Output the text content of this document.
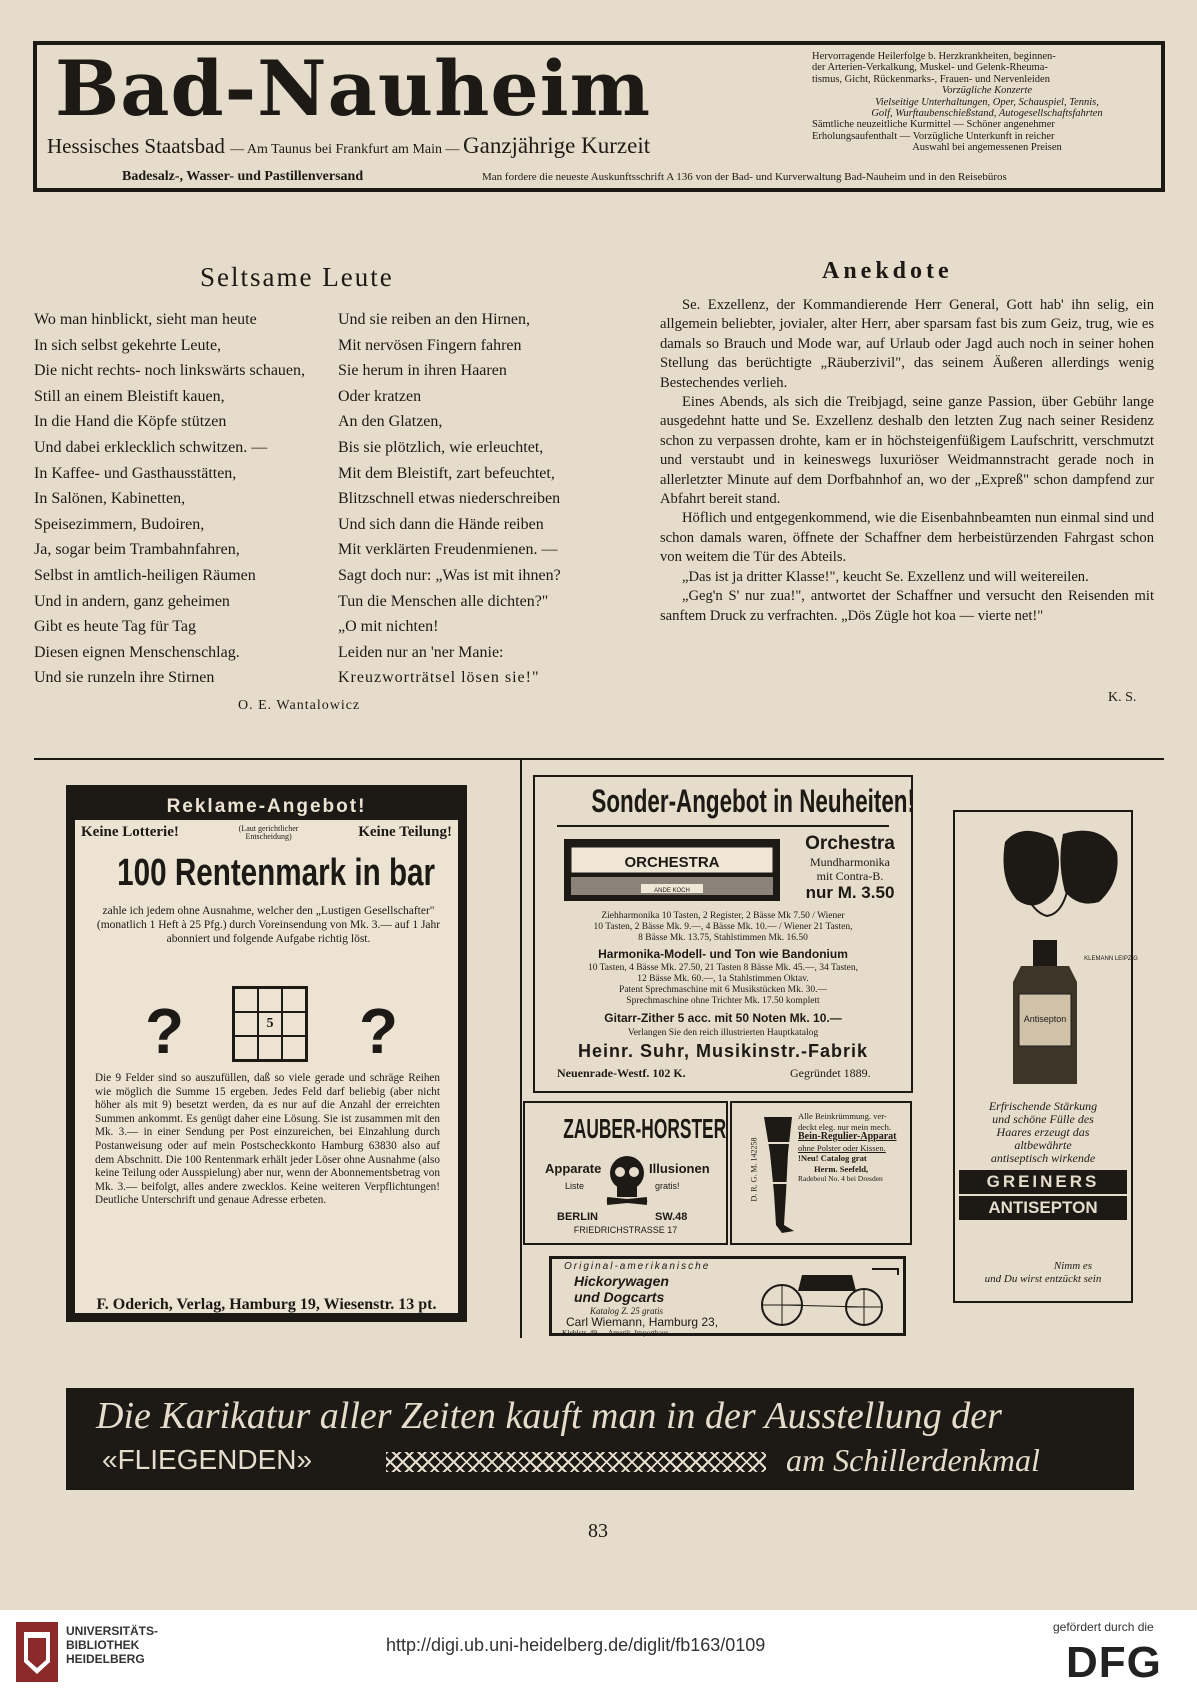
Bad-Nauheim
Hessisches Staatsbad — Am Taunus bei Frankfurt am Main — Ganzjährige Kurzeit
Badesalz-, Wasser- und Pastillenversand	Man fordere die neueste Auskunftsschrift A 136 von der Bad- und Kurverwaltung Bad-Nauheim und in den Reisebüros
Hervorragende Heilerfolge b. Herzkrankheiten, beginnen-
der Arterien-Verkalkung, Muskel- und Gelenk-Rheuma-
tismus, Gicht, Rückenmarks-, Frauen- und Nervenleiden
Vorzügliche Konzerte
Vielseitige Unterhaltungen, Oper, Schauspiel, Tennis,
Golf, Wurftaubenschießstand, Autogesellschaftsfahrten
Sämtliche neuzeitliche Kurmittel — Schöner angenehmer
Erholungsaufenthalt — Vorzügliche Unterkunft in reicher
Auswahl bei angemessenen Preisen
Seltsame Leute
Wo man hinblickt, sieht man heute
In sich selbst gekehrte Leute,
Die nicht rechts- noch linkswärts schauen,
Still an einem Bleistift kauen,
In die Hand die Köpfe stützen
Und dabei erklecklich schwitzen. —
In Kaffee- und Gasthausstätten,
In Salönen, Kabinetten,
Speisezimmern, Budoiren,
Ja, sogar beim Trambahnfahren,
Selbst in amtlich-heiligen Räumen
Und in andern, ganz geheimen
Gibt es heute Tag für Tag
Diesen eignen Menschenschlag.
Und sie runzeln ihre Stirnen
Und sie reiben an den Hirnen,
Mit nervösen Fingern fahren
Sie herum in ihren Haaren
Oder kratzen
An den Glatzen,
Bis sie plötzlich, wie erleuchtet,
Mit dem Bleistift, zart befeuchtet,
Blitzschnell etwas niederschreiben
Und sich dann die Hände reiben
Mit verklärten Freudenmienen. —
Sagt doch nur: „Was ist mit ihnen?
Tun die Menschen alle dichten?"
„O mit nichten!
Leiden nur an 'ner Manie:
Kreuzworträtsel lösen sie!"
O. E. Wantalowicz
Anekdote

Se. Exzellenz, der Kommandierende Herr General, Gott hab' ihn selig, ein allgemein beliebter, jovialer, alter Herr, aber sparsam fast bis zum Geiz, trug, wie es damals so Brauch und Mode war, auf Urlaub oder Jagd auch noch in seiner hohen Stellung das berüchtigte „Räuberzivil", das seinem Äußeren allerdings wenig Bestechendes verlieh.

Eines Abends, als sich die Treibjagd, seine ganze Passion, über Gebühr lange ausgedehnt hatte und Se. Exzellenz deshalb den letzten Zug nach seiner Residenz schon zu verpassen drohte, kam er in höchsteigenfüßigem Laufschritt, verschmutzt und verstaubt und in keineswegs luxuriöser Weidmannstracht gerade noch in allerletzter Minute auf dem Dorfbahnhof an, wo der „Expreß" schon dampfend zur Abfahrt bereit stand.

Höflich und entgegenkommend, wie die Eisenbahnbeamten nun einmal sind und schon damals waren, öffnete der Schaffner dem herbeistürzenden Fahrgast schon von weitem die Tür des Abteils.

„Das ist ja dritter Klasse!", keucht Se. Exzellenz und will weitereilen.

„Geg'n S' nur zua!", antwortet der Schaffner und versucht den Reisenden mit sanftem Druck zu verfrachten. „Dös Zügle hot koa — vierte net!"

K. S.
Reklame-Angebot!
Keine Lotterie!	(Laut gerichtlicher Entscheidung)	Keine Teilung!
100 Rentenmark in bar
zahle ich jedem ohne Ausnahme, welcher den „Lustigen Gesellschafter" (monatlich 1 Heft à 25 Pfg.) durch Voreinsendung von Mk. 3.— auf 1 Jahr abonniert und folgende Aufgabe richtig löst.
?	?
5
Die 9 Felder sind so auszufüllen, daß so viele gerade und schräge Reihen wie möglich die Summe 15 ergeben. Jedes Feld darf beliebig (aber nicht höher als mit 9) besetzt werden, da es nur auf die Anzahl der erreichten Summen ankommt. Es genügt daher eine Lösung. Sie ist zusammen mit den Mk. 3.— in einer Sendung per Post einzureichen, bei Einzahlung durch Postanweisung oder auf mein Postscheckkonto Hamburg 63830 also auf dem Abschnitt. Die 100 Rentenmark erhält jeder Löser ohne Ausnahme (also keine Teilung oder Ausspielung) aber nur, wenn der Abonnementsbetrag von Mk. 3.— beifolgt, alles andere zwecklos. Keine weiteren Verpflichtungen! Deutliche Unterschrift und genaue Adresse erbeten.
F. Oderich, Verlag, Hamburg 19, Wiesenstr. 13 pt.
Sonder-Angebot in Neuheiten!
ORCHESTRA
ANDE KOCH
Orchestra
Mundharmonika
mit Contra-B.
nur M. 3.50
Ziehharmonika 10 Tasten, 2 Register, 2 Bässe Mk 7.50 / Wiener
10 Tasten, 2 Bässe Mk. 9.—, 4 Bässe Mk. 10.— / Wiener 21 Tasten,
8 Bässe Mk. 13.75, Stahlstimmen Mk. 16.50
Harmonika-Modell- und Ton wie Bandonium
10 Tasten, 4 Bässe Mk. 27.50, 21 Tasten 8 Bässe Mk. 45.—, 34 Tasten,
12 Bässe Mk. 60.—, 1a Stahlstimmen Oktav.
Patent Sprechmaschine mit 6 Musikstücken Mk. 30.—
Sprechmaschine ohne Trichter Mk. 17.50 komplett
Gitarr-Zither 5 acc. mit 50 Noten Mk. 10.—
Verlangen Sie den reich illustrierten Hauptkatalog
Heinr. Suhr, Musikinstr.-Fabrik
Neuenrade-Westf. 102 K.	Gegründet 1889.
ZAUBER-HORSTER
Apparate	Illusionen
Liste	gratis!
BERLIN	SW.48
FRIEDRICHSTRASSE 17
D. R. G. M. 142258
Alle Beinkrümmung. ver-
deckt eleg. nur mein mech.
Bein-Regulier-Apparat
ohne Polster oder Kissen.
!Neu! Catalog grat
Herm. Seefeld,
Radebeul No. 4 bei Dresden
Original-amerikanische
Hickorywagen
und Dogcarts
Katalog Z. 25 gratis
Carl Wiemann, Hamburg 23,
Kleblstr. 49 — Amerik. Importhaus
Antisepton
KLEMANN LEIPZIG
Erfrischende Stärkung
und schöne Fülle des
Haares erzeugt das
altbewährte
antiseptisch wirkende
GREINERS
ANTISEPTON
Nimm es
und Du wirst entzückt sein
Die Karikatur aller Zeiten kauft man in der Ausstellung der
«FLIEGENDEN»	am Schillerdenkmal
83
UNIVERSITÄTS-
BIBLIOTHEK
HEIDELBERG
http://digi.ub.uni-heidelberg.de/diglit/fb163/0109
gefördert durch die
DFG
